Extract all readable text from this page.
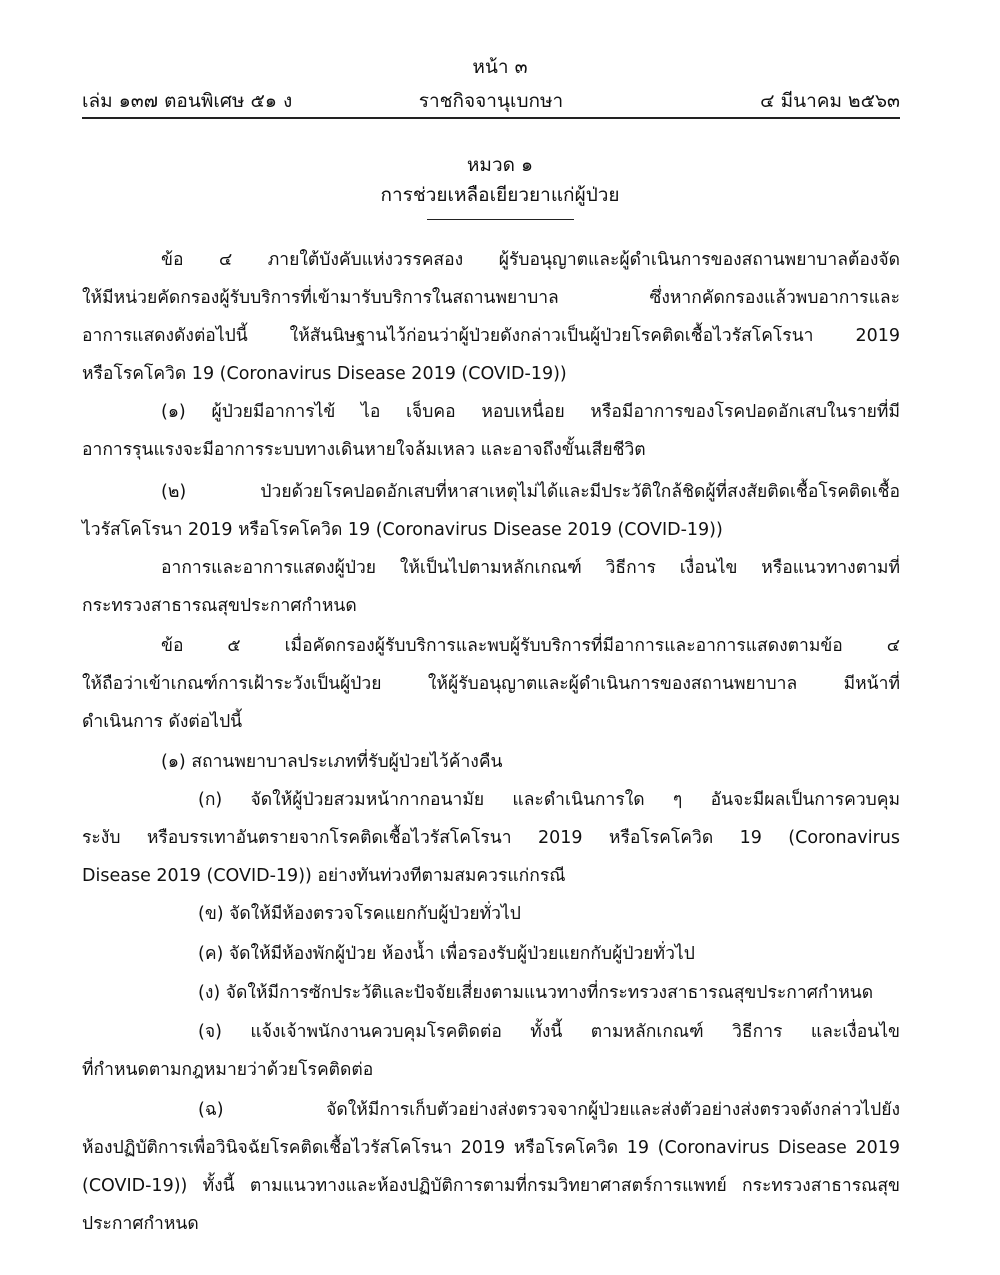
หน้า ๓
เล่ม ๑๓๗ ตอนพิเศษ ๕๑ ง	ราชกิจจานุเบกษา	๔ มีนาคม ๒๕๖๓
หมวด ๑
การช่วยเหลือเยียวยาแก่ผู้ป่วย
ข้อ ๔ ภายใต้บังคับแห่งวรรคสอง ผู้รับอนุญาตและผู้ดำเนินการของสถานพยาบาลต้องจัด
ให้มีหน่วยคัดกรองผู้รับบริการที่เข้ามารับบริการในสถานพยาบาล ซึ่งหากคัดกรองแล้วพบอาการและ
อาการแสดงดังต่อไปนี้ ให้สันนิษฐานไว้ก่อนว่าผู้ป่วยดังกล่าวเป็นผู้ป่วยโรคติดเชื้อไวรัสโคโรนา 2019
หรือโรคโควิด 19 (Coronavirus Disease 2019 (COVID-19))
(๑) ผู้ป่วยมีอาการไข้ ไอ เจ็บคอ หอบเหนื่อย หรือมีอาการของโรคปอดอักเสบในรายที่มี
อาการรุนแรงจะมีอาการระบบทางเดินหายใจล้มเหลว และอาจถึงขั้นเสียชีวิต
(๒) ป่วยด้วยโรคปอดอักเสบที่หาสาเหตุไม่ได้และมีประวัติใกล้ชิดผู้ที่สงสัยติดเชื้อโรคติดเชื้อ
ไวรัสโคโรนา 2019 หรือโรคโควิด 19 (Coronavirus Disease 2019 (COVID-19))
อาการและอาการแสดงผู้ป่วย ให้เป็นไปตามหลักเกณฑ์ วิธีการ เงื่อนไข หรือแนวทางตามที่
กระทรวงสาธารณสุขประกาศกำหนด
ข้อ ๕ เมื่อคัดกรองผู้รับบริการและพบผู้รับบริการที่มีอาการและอาการแสดงตามข้อ ๔
ให้ถือว่าเข้าเกณฑ์การเฝ้าระวังเป็นผู้ป่วย ให้ผู้รับอนุญาตและผู้ดำเนินการของสถานพยาบาล มีหน้าที่
ดำเนินการ ดังต่อไปนี้
(๑) สถานพยาบาลประเภทที่รับผู้ป่วยไว้ค้างคืน
(ก) จัดให้ผู้ป่วยสวมหน้ากากอนามัย และดำเนินการใด ๆ อันจะมีผลเป็นการควบคุม
ระงับ หรือบรรเทาอันตรายจากโรคติดเชื้อไวรัสโคโรนา 2019 หรือโรคโควิด 19 (Coronavirus
Disease 2019 (COVID-19)) อย่างทันท่วงทีตามสมควรแก่กรณี
(ข) จัดให้มีห้องตรวจโรคแยกกับผู้ป่วยทั่วไป
(ค) จัดให้มีห้องพักผู้ป่วย ห้องน้ำ เพื่อรองรับผู้ป่วยแยกกับผู้ป่วยทั่วไป
(ง) จัดให้มีการซักประวัติและปัจจัยเสี่ยงตามแนวทางที่กระทรวงสาธารณสุขประกาศกำหนด
(จ) แจ้งเจ้าพนักงานควบคุมโรคติดต่อ ทั้งนี้ ตามหลักเกณฑ์ วิธีการ และเงื่อนไข
ที่กำหนดตามกฎหมายว่าด้วยโรคติดต่อ
(ฉ) จัดให้มีการเก็บตัวอย่างส่งตรวจจากผู้ป่วยและส่งตัวอย่างส่งตรวจดังกล่าวไปยัง
ห้องปฏิบัติการเพื่อวินิจฉัยโรคติดเชื้อไวรัสโคโรนา 2019 หรือโรคโควิด 19 (Coronavirus Disease 2019
(COVID-19)) ทั้งนี้ ตามแนวทางและห้องปฏิบัติการตามที่กรมวิทยาศาสตร์การแพทย์ กระทรวงสาธารณสุข
ประกาศกำหนด
